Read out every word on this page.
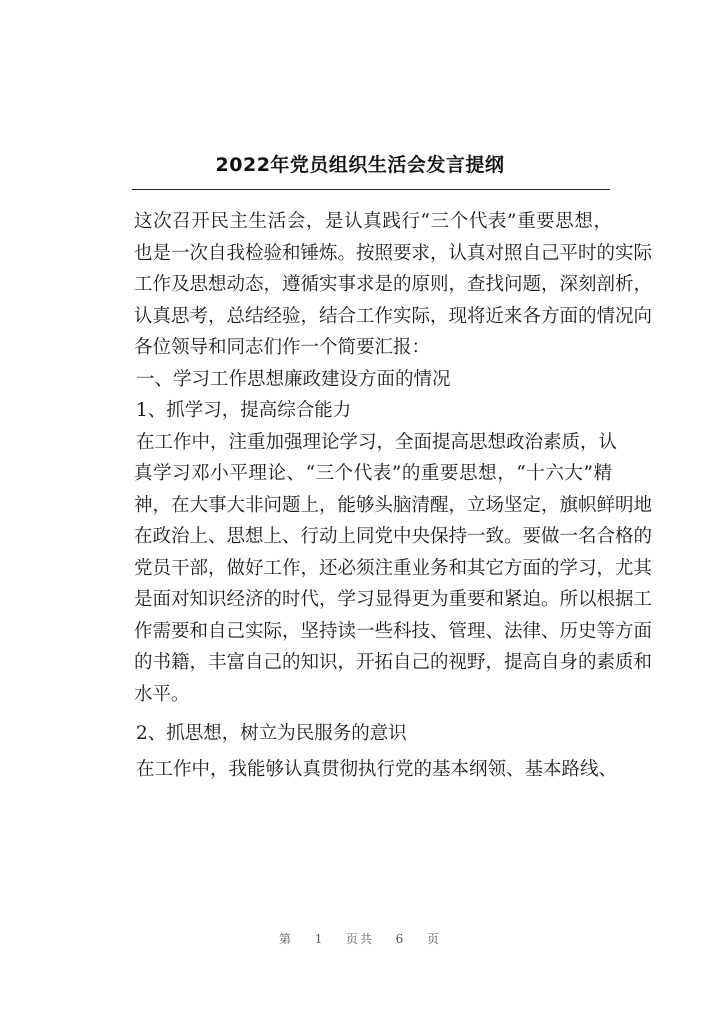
2022年党员组织生活会发言提纲
这次召开民主生活会，是认真践行“三个代表”重要思想，
也是一次自我检验和锤炼。按照要求，认真对照自己平时的实际
工作及思想动态，遵循实事求是的原则，查找问题，深刻剖析，
认真思考，总结经验，结合工作实际，现将近来各方面的情况向
各位领导和同志们作一个简要汇报：
一、学习工作思想廉政建设方面的情况
1、抓学习，提高综合能力
在工作中，注重加强理论学习，全面提高思想政治素质，认
真学习邓小平理论、“三个代表”的重要思想，“十六大”精
神，在大事大非问题上，能够头脑清醒，立场坚定，旗帜鲜明地
在政治上、思想上、行动上同党中央保持一致。要做一名合格的
党员干部，做好工作，还必须注重业务和其它方面的学习，尤其
是面对知识经济的时代，学习显得更为重要和紧迫。所以根据工
作需要和自己实际，坚持读一些科技、管理、法律、历史等方面
的书籍，丰富自己的知识，开拓自己的视野，提高自身的素质和
水平。
2、抓思想，树立为民服务的意识
在工作中，我能够认真贯彻执行党的基本纲领、基本路线、
第 1 页共 6 页
